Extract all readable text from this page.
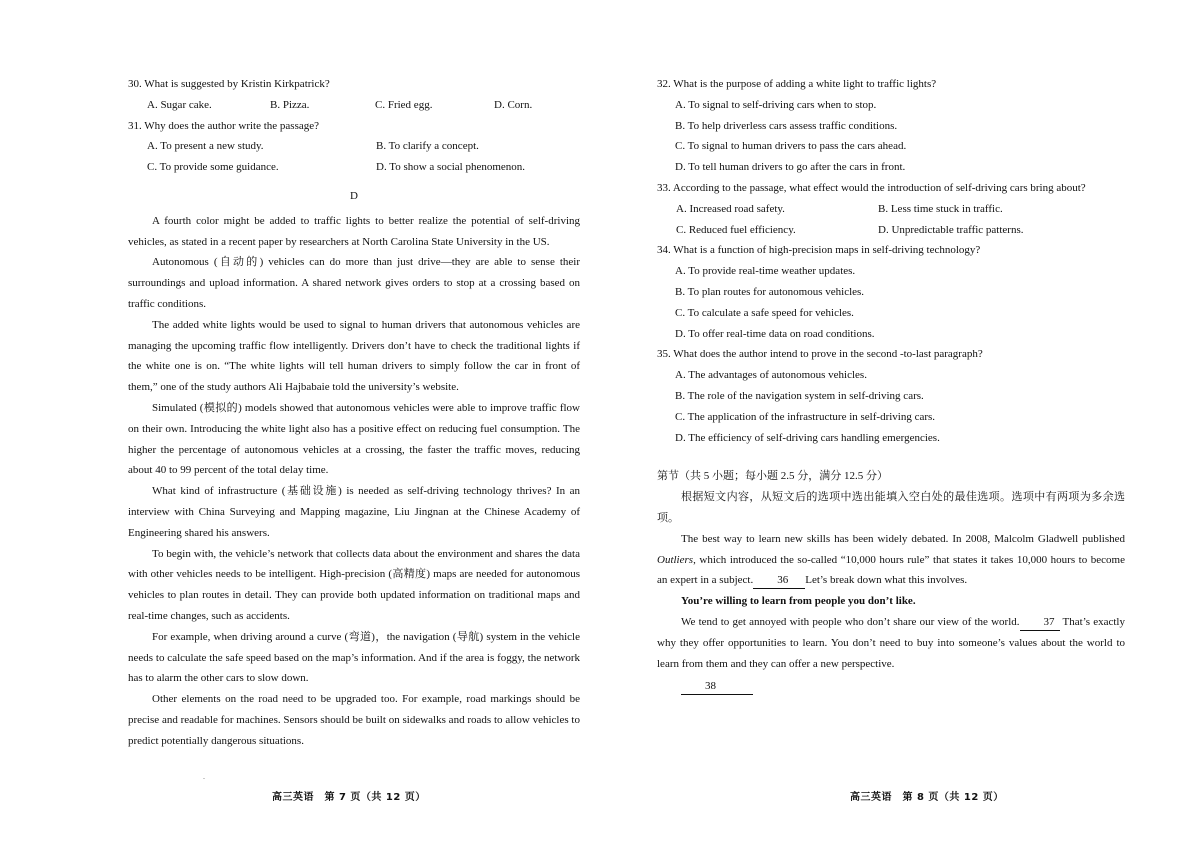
30. What is suggested by Kristin Kirkpatrick?

A. Sugar cake.	B. Pizza.	C. Fried egg.	D. Corn.

31. Why does the author write the passage?

A. To present a new study.	B. To clarify a concept.
C. To provide some guidance.	D. To show a social phenomenon.
D

A fourth color might be added to traffic lights to better realize the potential of self-driving vehicles, as stated in a recent paper by researchers at North Carolina State University in the US.

Autonomous (自动的) vehicles can do more than just drive—they are able to sense their surroundings and upload information. A shared network gives orders to stop at a crossing based on traffic conditions.

The added white lights would be used to signal to human drivers that autonomous vehicles are managing the upcoming traffic flow intelligently. Drivers don’t have to check the traditional lights if the white one is on. “The white lights will tell human drivers to simply follow the car in front of them,” one of the study authors Ali Hajbabaie told the university’s website.

Simulated (模拟的) models showed that autonomous vehicles were able to improve traffic flow on their own. Introducing the white light also has a positive effect on reducing fuel consumption. The higher the percentage of autonomous vehicles at a crossing, the faster the traffic moves, reducing about 40 to 99 percent of the total delay time.

What kind of infrastructure (基础设施) is needed as self-driving technology thrives? In an interview with China Surveying and Mapping magazine, Liu Jingnan at the Chinese Academy of Engineering shared his answers.

To begin with, the vehicle’s network that collects data about the environment and shares the data with other vehicles needs to be intelligent. High-precision (高精度) maps are needed for autonomous vehicles to plan routes in detail. They can provide both updated information on traditional maps and real-time changes, such as accidents.

For example, when driving around a curve (弯道)，the navigation (导航) system in the vehicle needs to calculate the safe speed based on the map’s information. And if the area is foggy, the network has to alarm the other cars to slow down.

Other elements on the road need to be upgraded too. For example, road markings should be precise and readable for machines. Sensors should be built on sidewalks and roads to allow vehicles to predict potentially dangerous situations.

.

32. What is the purpose of adding a white light to traffic lights?

A. To signal to self-driving cars when to stop.

B. To help driverless cars assess traffic conditions.

C. To signal to human drivers to pass the cars ahead.

D. To tell human drivers to go after the cars in front.

33. According to the passage, what effect would the introduction of self-driving cars bring about?

A. Increased road safety.	B. Less time stuck in traffic.
C. Reduced fuel efficiency.	D. Unpredictable traffic patterns.

34. What is a function of high-precision maps in self-driving technology?

A. To provide real-time weather updates.

B. To plan routes for autonomous vehicles.

C. To calculate a safe speed for vehicles.

D. To offer real-time data on road conditions.

35. What does the author intend to prove in the second -to-last paragraph?

A. The advantages of autonomous vehicles.

B. The role of the navigation system in self-driving cars.

C. The application of the infrastructure in self-driving cars.

D. The efficiency of self-driving cars handling emergencies.

第节（共 5 小题；每小题 2.5 分，满分 12.5 分）

根据短文内容，从短文后的选项中选出能填入空白处的最佳选项。选项中有两项为多余选项。

The best way to learn new skills has been widely debated. In 2008, Malcolm Gladwell published Outliers, which introduced the so-called “10,000 hours rule” that states it takes 10,000 hours to become an expert in a subject. 36 Let’s break down what this involves.

You’re willing to learn from people you don’t like.

We tend to get annoyed with people who don’t share our view of the world. 37 That’s exactly why they offer opportunities to learn. You don’t need to buy into someone’s values about the world to learn from them and they can offer a new perspective.

38

高三英语　第 7 页（共 12 页）	高三英语　第 8 页（共 12 页）
